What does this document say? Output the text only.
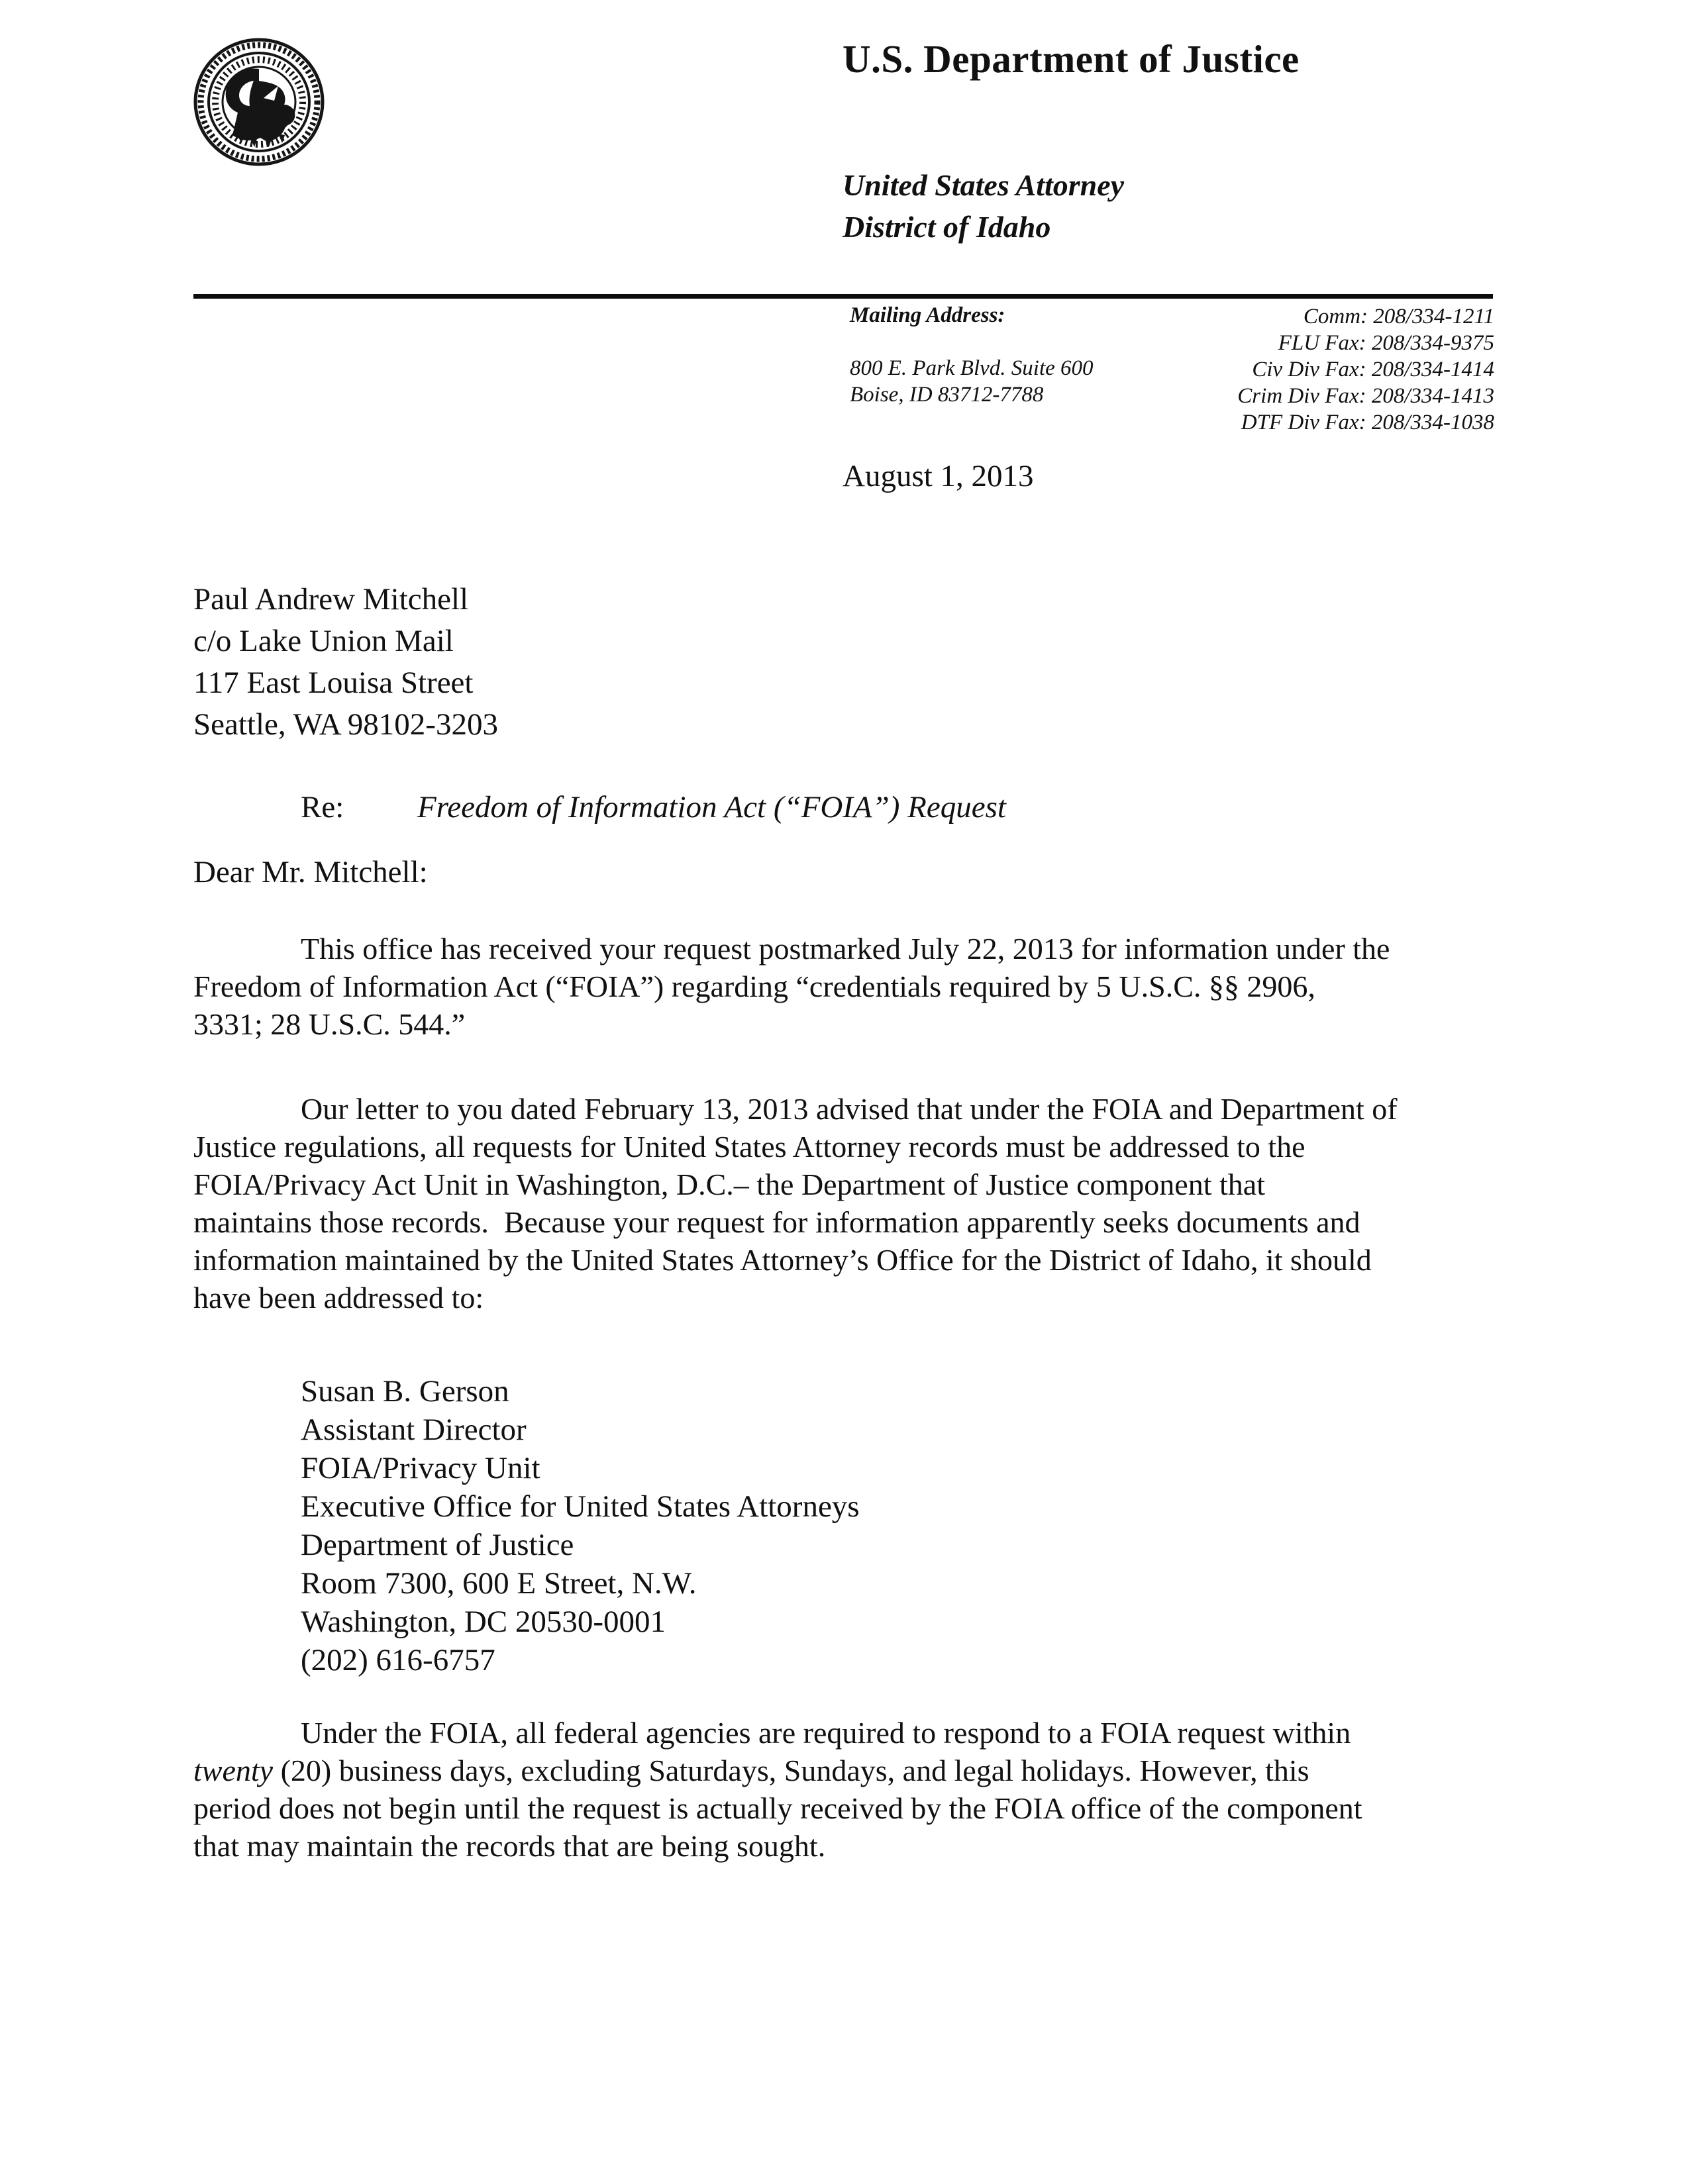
U.S. Department of Justice
United States Attorney
District of Idaho
Mailing Address:
800 E. Park Blvd. Suite 600
Boise, ID 83712-7788
Comm: 208/334-1211
FLU Fax: 208/334-9375
Civ Div Fax: 208/334-1414
Crim Div Fax: 208/334-1413
DTF Div Fax: 208/334-1038
August 1, 2013
Paul Andrew Mitchell
c/o Lake Union Mail
117 East Louisa Street
Seattle, WA 98102-3203
Re: Freedom of Information Act (“FOIA”) Request
Dear Mr. Mitchell:
This office has received your request postmarked July 22, 2013 for information under the
Freedom of Information Act (“FOIA”) regarding “credentials required by 5 U.S.C. §§ 2906,
3331; 28 U.S.C. 544.”
Our letter to you dated February 13, 2013 advised that under the FOIA and Department of
Justice regulations, all requests for United States Attorney records must be addressed to the
FOIA/Privacy Act Unit in Washington, D.C.– the Department of Justice component that
maintains those records.  Because your request for information apparently seeks documents and
information maintained by the United States Attorney’s Office for the District of Idaho, it should
have been addressed to:
Susan B. Gerson
Assistant Director
FOIA/Privacy Unit
Executive Office for United States Attorneys
Department of Justice
Room 7300, 600 E Street, N.W.
Washington, DC 20530-0001
(202) 616-6757
Under the FOIA, all federal agencies are required to respond to a FOIA request within
twenty (20) business days, excluding Saturdays, Sundays, and legal holidays. However, this
period does not begin until the request is actually received by the FOIA office of the component
that may maintain the records that are being sought.
